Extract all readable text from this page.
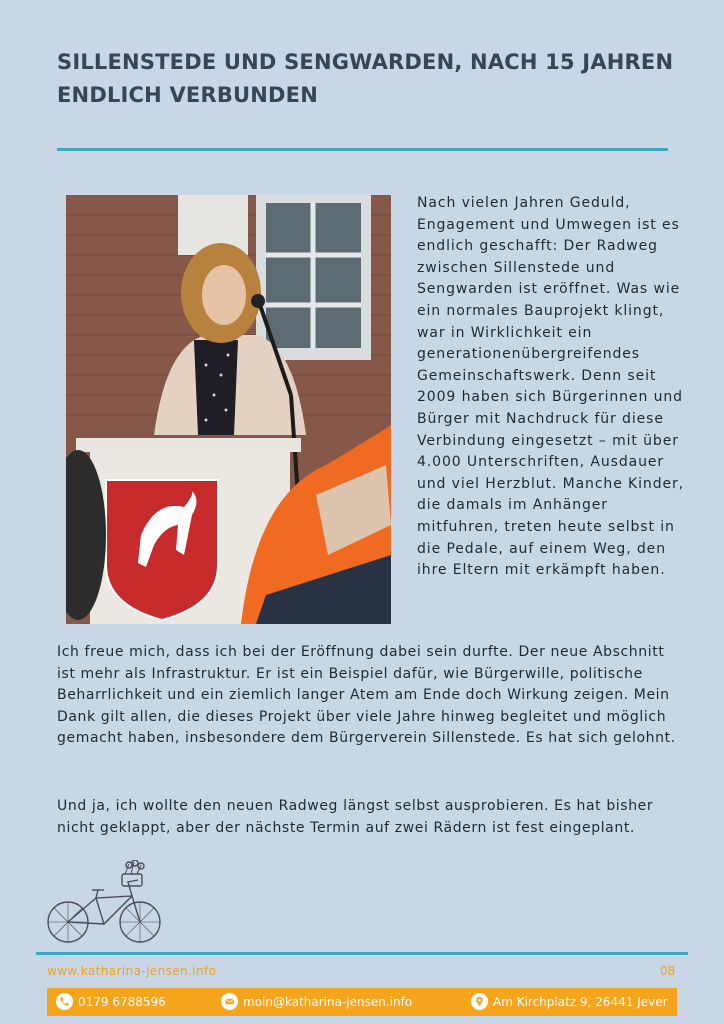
SILLENSTEDE UND SENGWARDEN, NACH 15 JAHREN ENDLICH VERBUNDEN

Nach vielen Jahren Geduld, Engagement und Umwegen ist es endlich geschafft: Der Radweg zwischen Sillenstede und Sengwarden ist eröffnet. Was wie ein normales Bauprojekt klingt, war in Wirklichkeit ein generationenübergreifendes Gemeinschaftswerk. Denn seit 2009 haben sich Bürgerinnen und Bürger mit Nachdruck für diese Verbindung eingesetzt – mit über 4.000 Unterschriften, Ausdauer und viel Herzblut. Manche Kinder, die damals im Anhänger mitfuhren, treten heute selbst in die Pedale, auf einem Weg, den ihre Eltern mit erkämpft haben.

Ich freue mich, dass ich bei der Eröffnung dabei sein durfte. Der neue Abschnitt ist mehr als Infrastruktur. Er ist ein Beispiel dafür, wie Bürgerwille, politische Beharrlichkeit und ein ziemlich langer Atem am Ende doch Wirkung zeigen. Mein Dank gilt allen, die dieses Projekt über viele Jahre hinweg begleitet und möglich gemacht haben, insbesondere dem Bürgerverein Sillenstede. Es hat sich gelohnt.

Und ja, ich wollte den neuen Radweg längst selbst ausprobieren. Es hat bisher nicht geklappt, aber der nächste Termin auf zwei Rädern ist fest eingeplant.

www.katharina-jensen.info	08
0179 6788596	moin@katharina-jensen.info	Am Kirchplatz 9, 26441 Jever
